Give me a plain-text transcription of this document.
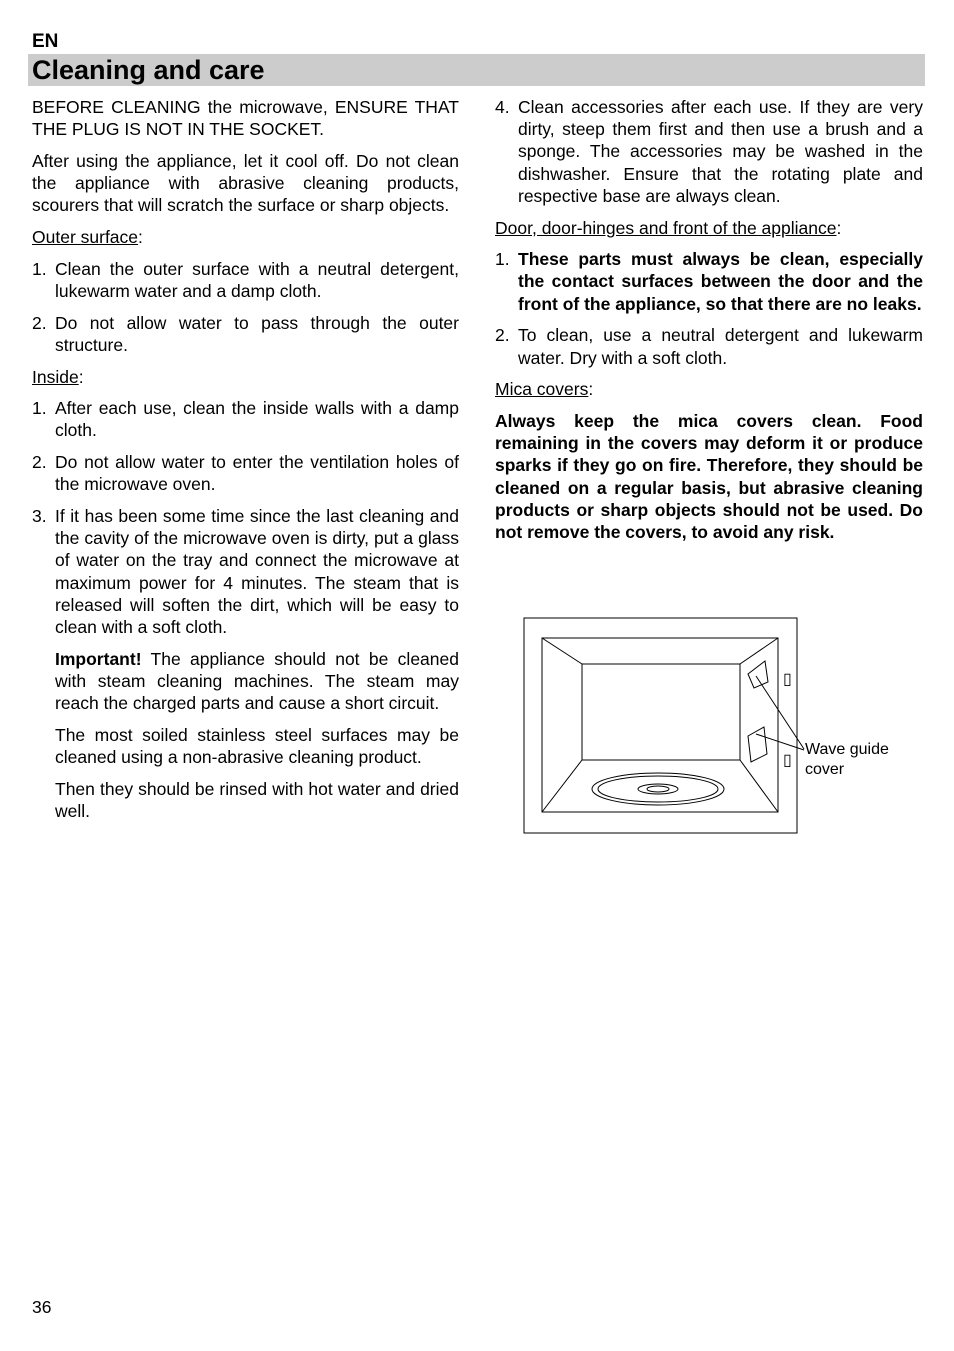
EN
Cleaning and care

BEFORE CLEANING the microwave, ENSURE THAT THE PLUG IS NOT IN THE SOCKET.

After using the appliance, let it cool off. Do not clean the appliance with abrasive cleaning products, scourers that will scratch the surface or sharp objects.

Outer surface:

1. Clean the outer surface with a neutral detergent, lukewarm water and a damp cloth.

2. Do not allow water to pass through the outer structure.

Inside:

1. After each use, clean the inside walls with a damp cloth.

2. Do not allow water to enter the ventilation holes of the microwave oven.

3. If it has been some time since the last cleaning and the cavity of the microwave oven is dirty, put a glass of water on the tray and connect the microwave at maximum power for 4 minutes. The steam that is released will soften the dirt, which will be easy to clean with a soft cloth.

Important! The appliance should not be cleaned with steam cleaning machines. The steam may reach the charged parts and cause a short circuit.

The most soiled stainless steel surfaces may be cleaned using a non-abrasive cleaning product.

Then they should be rinsed with hot water and dried well.

4. Clean accessories after each use. If they are very dirty, steep them first and then use a brush and a sponge. The accessories may be washed in the dishwasher. Ensure that the rotating plate and respective base are always clean.

Door, door-hinges and front of the appliance:

1. These parts must always be clean, especially the contact surfaces between the door and the front of the appliance, so that there are no leaks.

2. To clean, use a neutral detergent and lukewarm water. Dry with a soft cloth.

Mica covers:

Always keep the mica covers clean. Food remaining in the covers may deform it or produce sparks if they go on fire. Therefore, they should be cleaned on a regular basis, but abrasive cleaning products or sharp objects should not be used. Do not remove the covers, to avoid any risk.

▯
▯
Wave guide
cover
36
